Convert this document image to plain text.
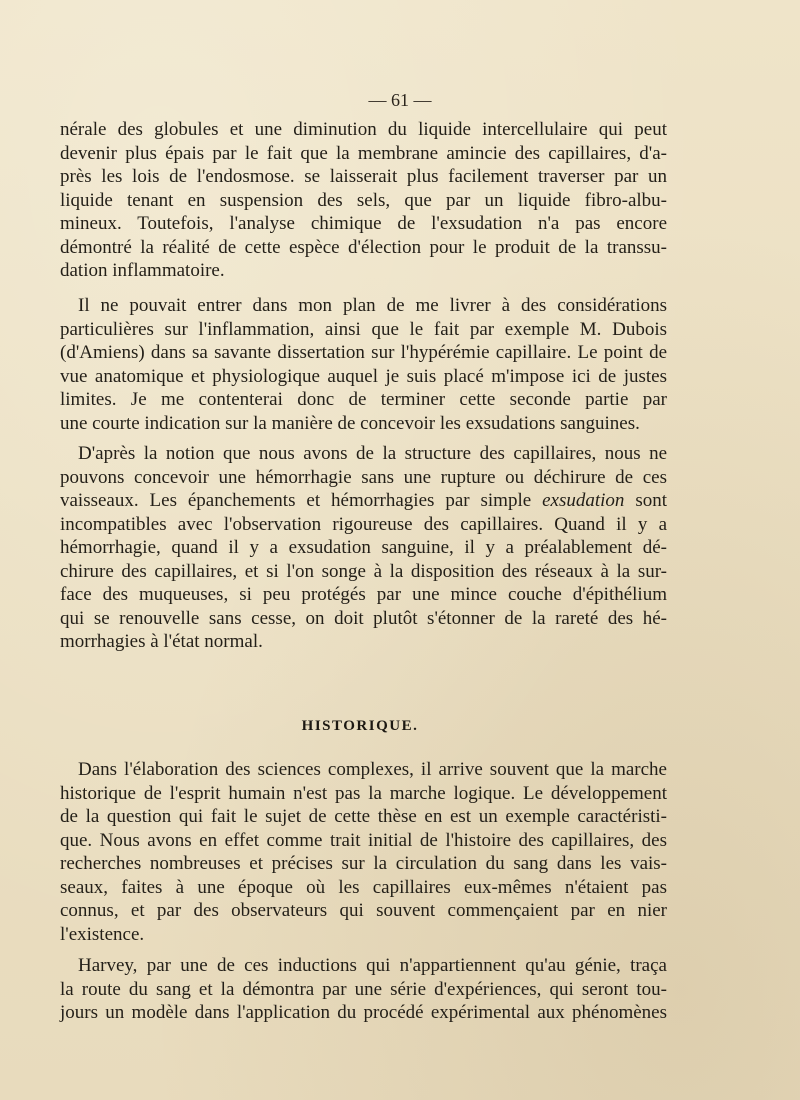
— 61 —
nérale des globules et une diminution du liquide intercellulaire qui peut
devenir plus épais par le fait que la membrane amincie des capillaires, d'a-
près les lois de l'endosmose. se laisserait plus facilement traverser par un
liquide tenant en suspension des sels, que par un liquide fibro-albu-
mineux. Toutefois, l'analyse chimique de l'exsudation n'a pas encore
démontré la réalité de cette espèce d'élection pour le produit de la transsu-
dation inflammatoire.
Il ne pouvait entrer dans mon plan de me livrer à des considérations
particulières sur l'inflammation, ainsi que le fait par exemple M. Dubois
(d'Amiens) dans sa savante dissertation sur l'hypérémie capillaire. Le point de
vue anatomique et physiologique auquel je suis placé m'impose ici de justes
limites. Je me contenterai donc de terminer cette seconde partie par
une courte indication sur la manière de concevoir les exsudations sanguines.
D'après la notion que nous avons de la structure des capillaires, nous ne
pouvons concevoir une hémorrhagie sans une rupture ou déchirure de ces
vaisseaux. Les épanchements et hémorrhagies par simple exsudation sont
incompatibles avec l'observation rigoureuse des capillaires. Quand il y a
hémorrhagie, quand il y a exsudation sanguine, il y a préalablement dé-
chirure des capillaires, et si l'on songe à la disposition des réseaux à la sur-
face des muqueuses, si peu protégés par une mince couche d'épithélium
qui se renouvelle sans cesse, on doit plutôt s'étonner de la rareté des hé-
morrhagies à l'état normal.
HISTORIQUE.
Dans l'élaboration des sciences complexes, il arrive souvent que la marche
historique de l'esprit humain n'est pas la marche logique. Le développement
de la question qui fait le sujet de cette thèse en est un exemple caractéristi-
que. Nous avons en effet comme trait initial de l'histoire des capillaires, des
recherches nombreuses et précises sur la circulation du sang dans les vais-
seaux, faites à une époque où les capillaires eux-mêmes n'étaient pas
connus, et par des observateurs qui souvent commençaient par en nier
l'existence.
Harvey, par une de ces inductions qui n'appartiennent qu'au génie, traça
la route du sang et la démontra par une série d'expériences, qui seront tou-
jours un modèle dans l'application du procédé expérimental aux phénomènes
